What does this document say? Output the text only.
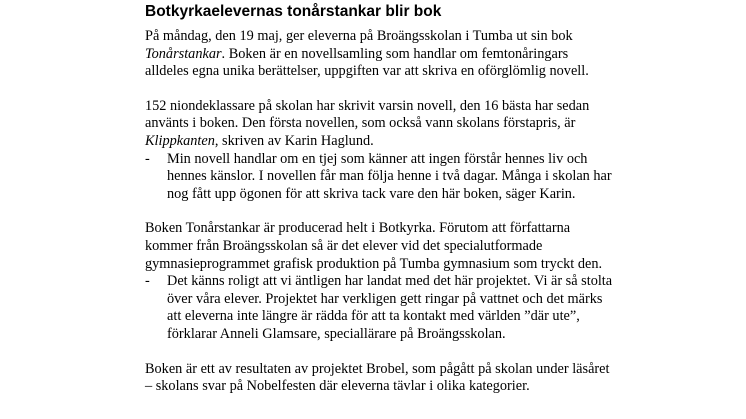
Botkyrkaelevernas tonårstankar blir bok

På måndag, den 19 maj, ger eleverna på Broängsskolan i Tumba ut sin bok Tonårstankar. Boken är en novellsamling som handlar om femtonåringars alldeles egna unika berättelser, uppgiften var att skriva en oförglömlig novell.

152 niondeklassare på skolan har skrivit varsin novell, den 16 bästa har sedan använts i boken. Den första novellen, som också vann skolans förstapris, är Klippkanten, skriven av Karin Haglund.

-	Min novell handlar om en tjej som känner att ingen förstår hennes liv och hennes känslor. I novellen får man följa henne i två dagar. Många i skolan har nog fått upp ögonen för att skriva tack vare den här boken, säger Karin.

Boken Tonårstankar är producerad helt i Botkyrka. Förutom att författarna kommer från Broängsskolan så är det elever vid det specialutformade gymnasieprogrammet grafisk produktion på Tumba gymnasium som tryckt den.

-	Det känns roligt att vi äntligen har landat med det här projektet. Vi är så stolta över våra elever. Projektet har verkligen gett ringar på vattnet och det märks att eleverna inte längre är rädda för att ta kontakt med världen ”där ute”, förklarar Anneli Glamsare, speciallärare på Broängsskolan.

Boken är ett av resultaten av projektet Brobel, som pågått på skolan under läsåret – skolans svar på Nobelfesten där eleverna tävlar i olika kategorier.
